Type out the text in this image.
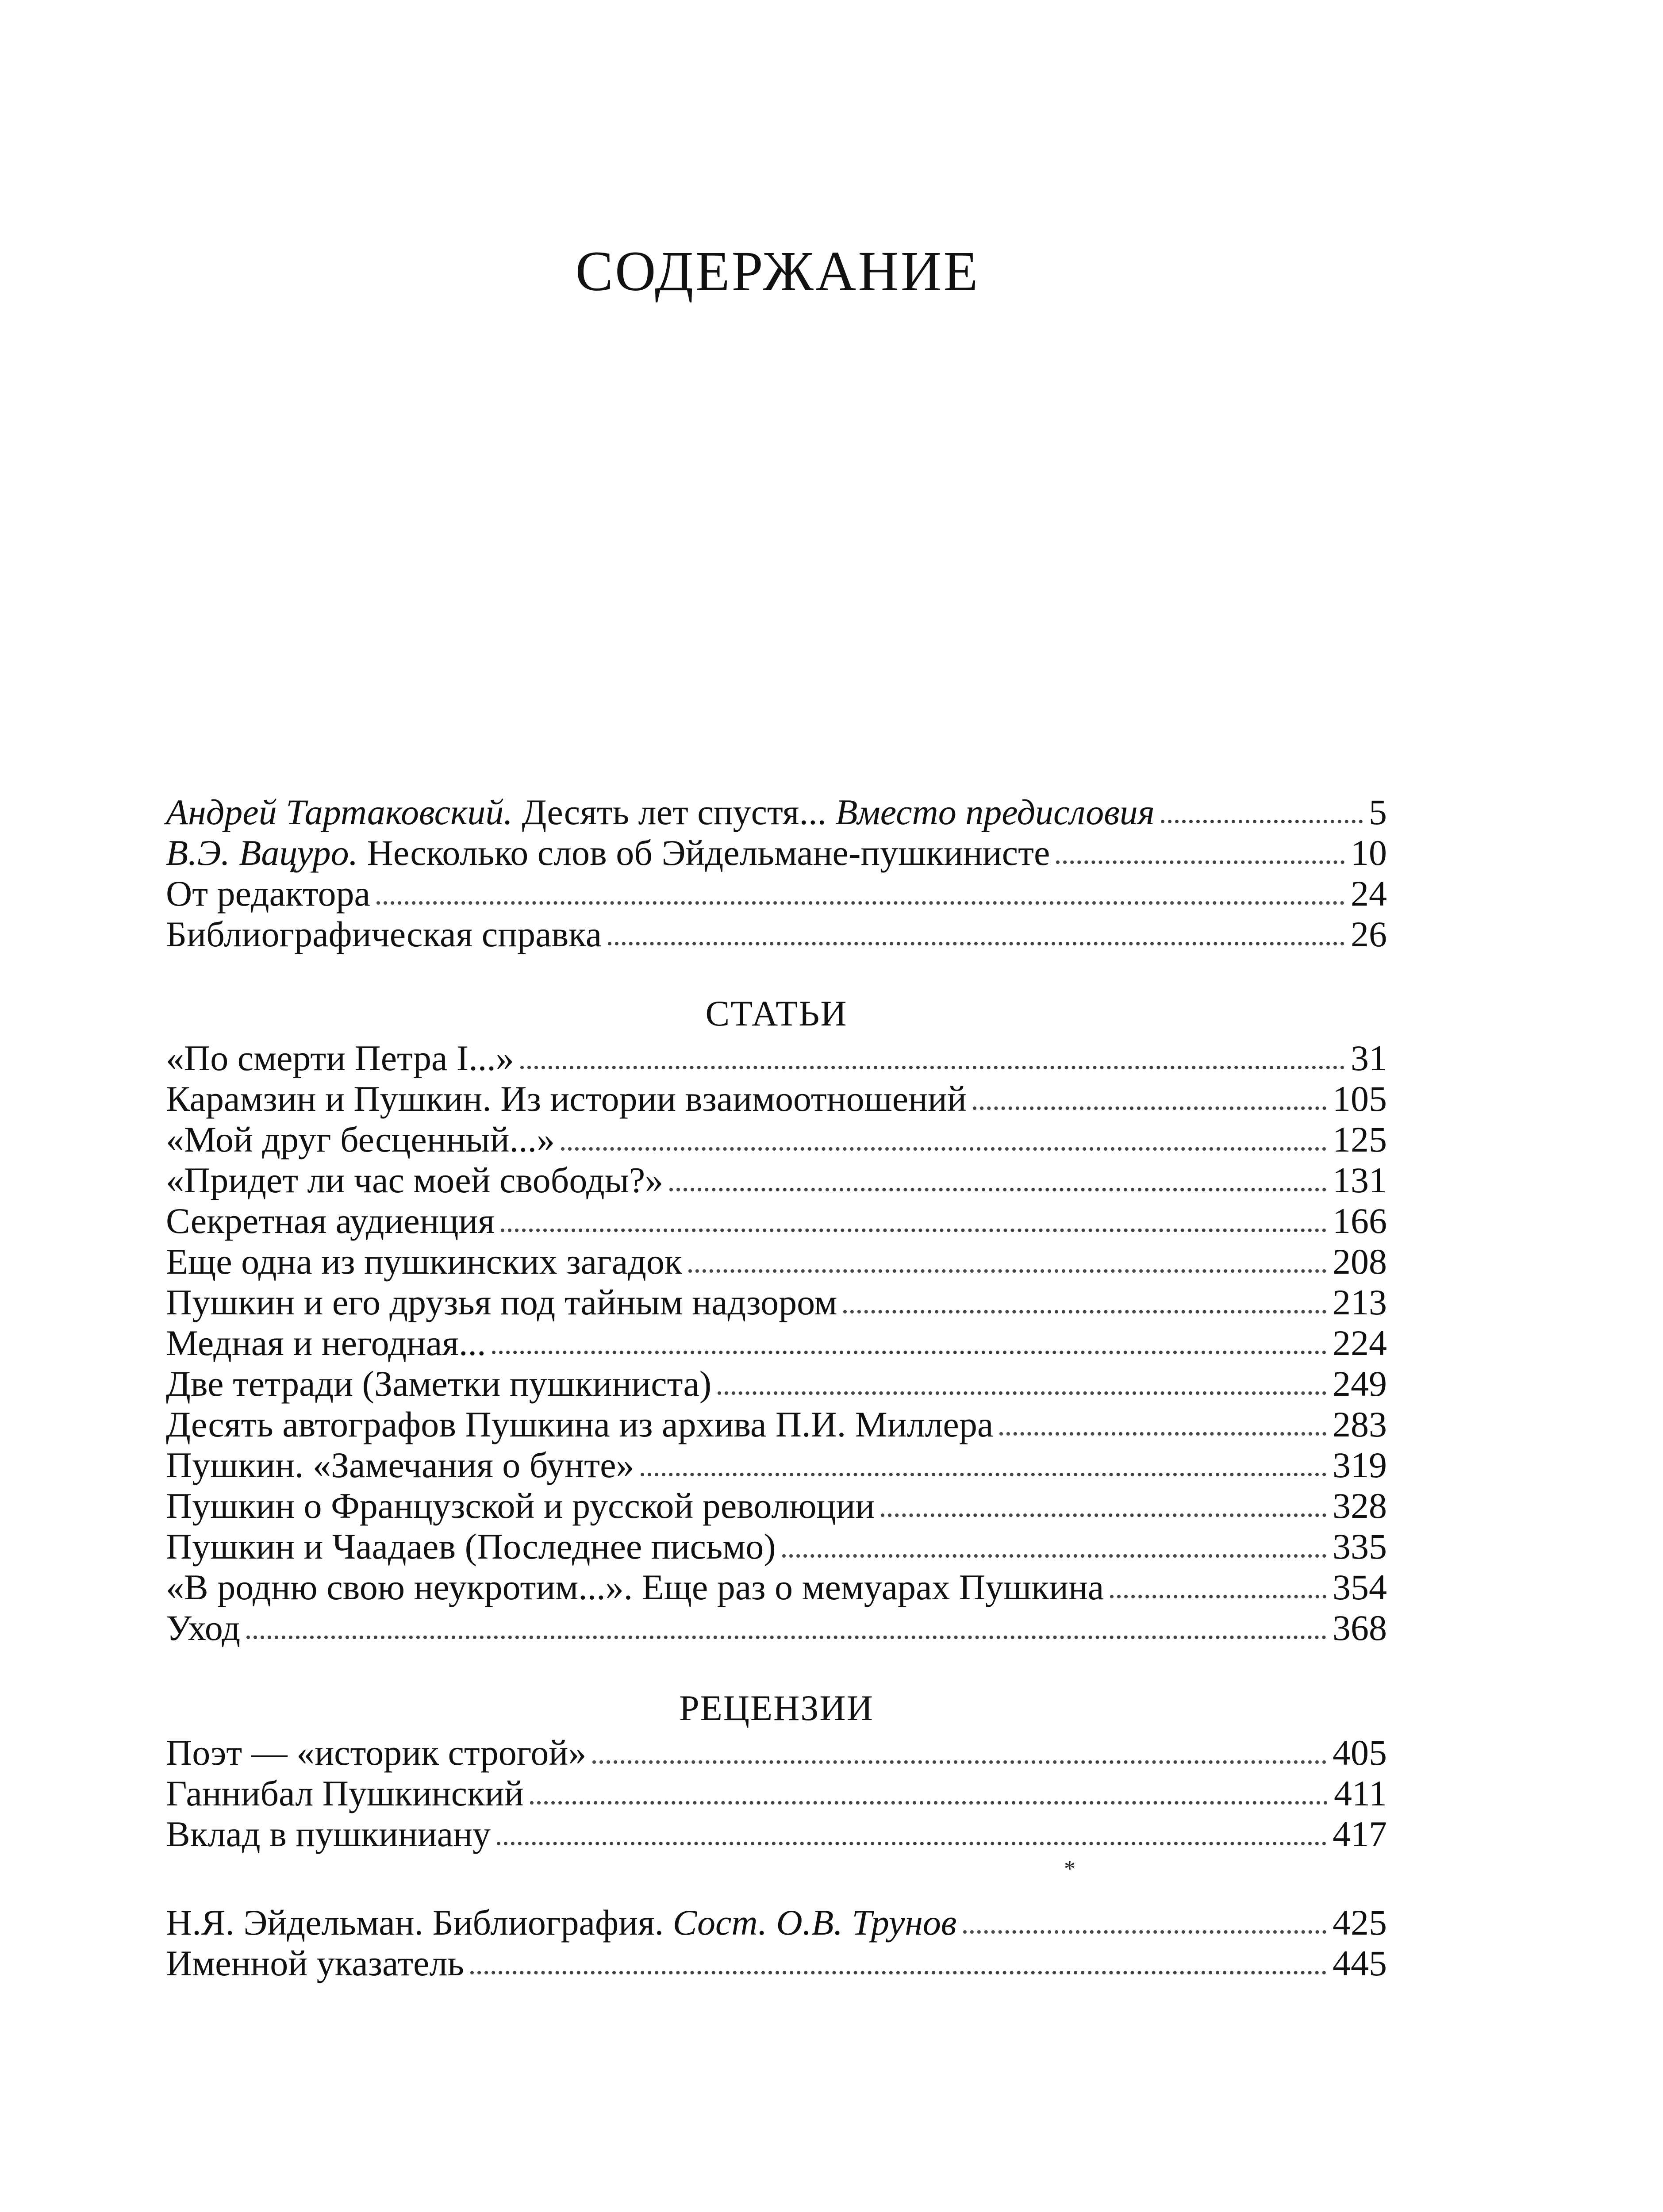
СОДЕРЖАНИЕ
Андрей Тартаковский. Десять лет спустя... Вместо предисловия	5
В.Э. Вацуро. Несколько слов об Эйдельмане-пушкинисте	10
От редактора	24
Библиографическая справка	26
СТАТЬИ
«По смерти Петра I...»	31
Карамзин и Пушкин. Из истории взаимоотношений	105
«Мой друг бесценный...»	125
«Придет ли час моей свободы?»	131
Секретная аудиенция	166
Еще одна из пушкинских загадок	208
Пушкин и его друзья под тайным надзором	213
Медная и негодная...	224
Две тетради (Заметки пушкиниста)	249
Десять автографов Пушкина из архива П.И. Миллера	283
Пушкин. «Замечания о бунте»	319
Пушкин о Французской и русской революции	328
Пушкин и Чаадаев (Последнее письмо)	335
«В родню свою неукротим...». Еще раз о мемуарах Пушкина	354
Уход	368
РЕЦЕНЗИИ
Поэт — «историк строгой»	405
Ганнибал Пушкинский	411
Вклад в пушкиниану	417
Н.Я. Эйдельман. Библиография. Сост. О.В. Трунов	425
Именной указатель	445
*
